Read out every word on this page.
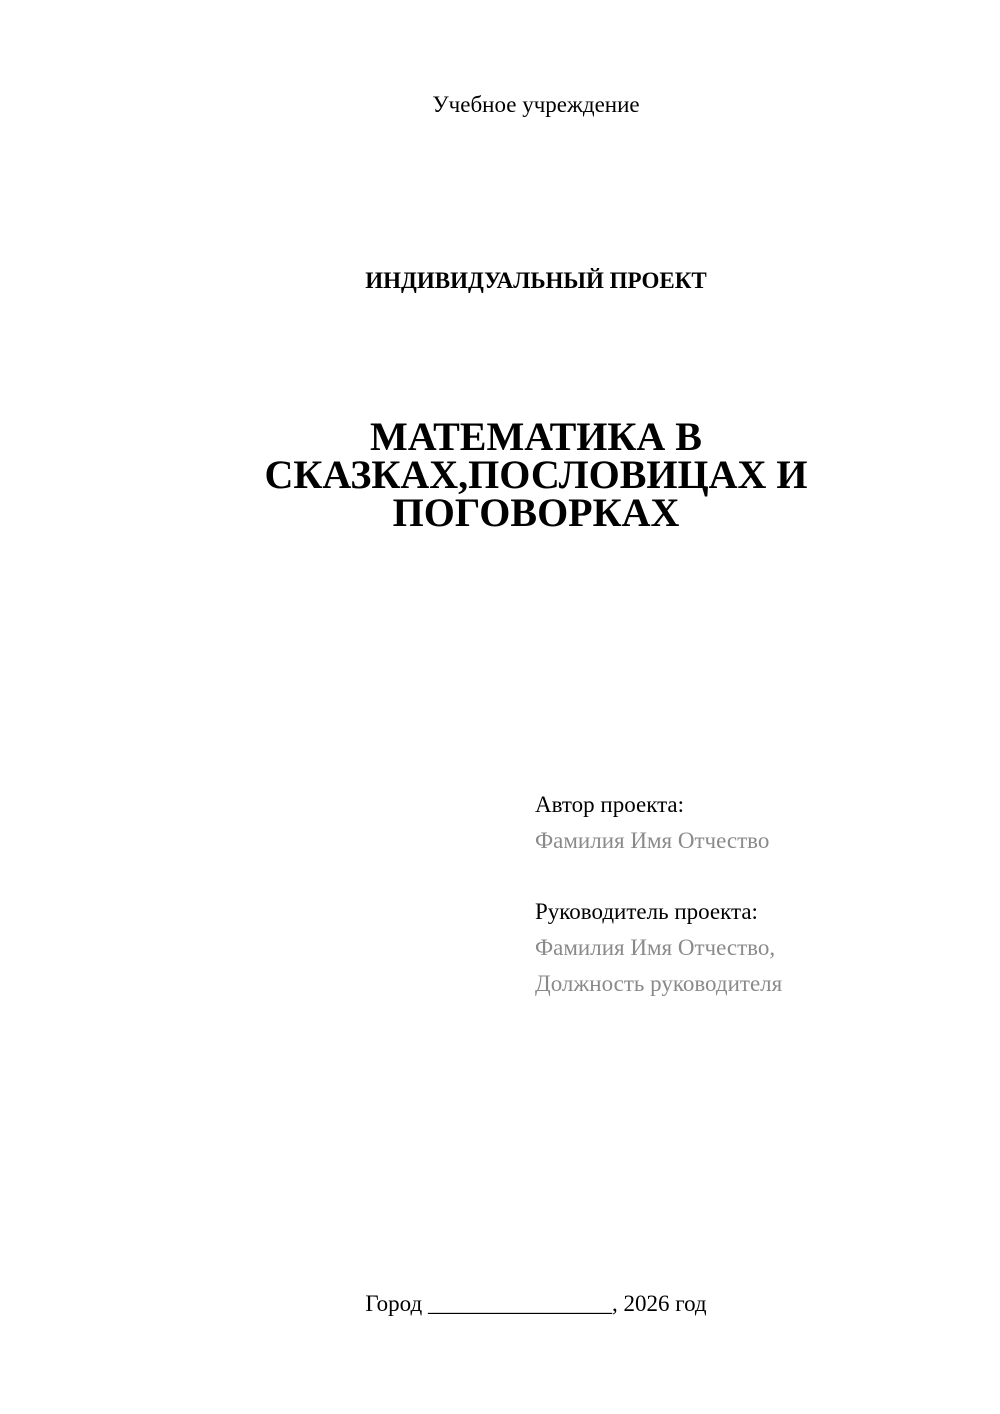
Учебное учреждение
ИНДИВИДУАЛЬНЫЙ ПРОЕКТ
МАТЕМАТИКА В
СКАЗКАХ,ПОСЛОВИЦАХ И
ПОГОВОРКАХ
Автор проекта:
Фамилия Имя Отчество
Руководитель проекта:
Фамилия Имя Отчество,
Должность руководителя
Город ________________, 2026 год
